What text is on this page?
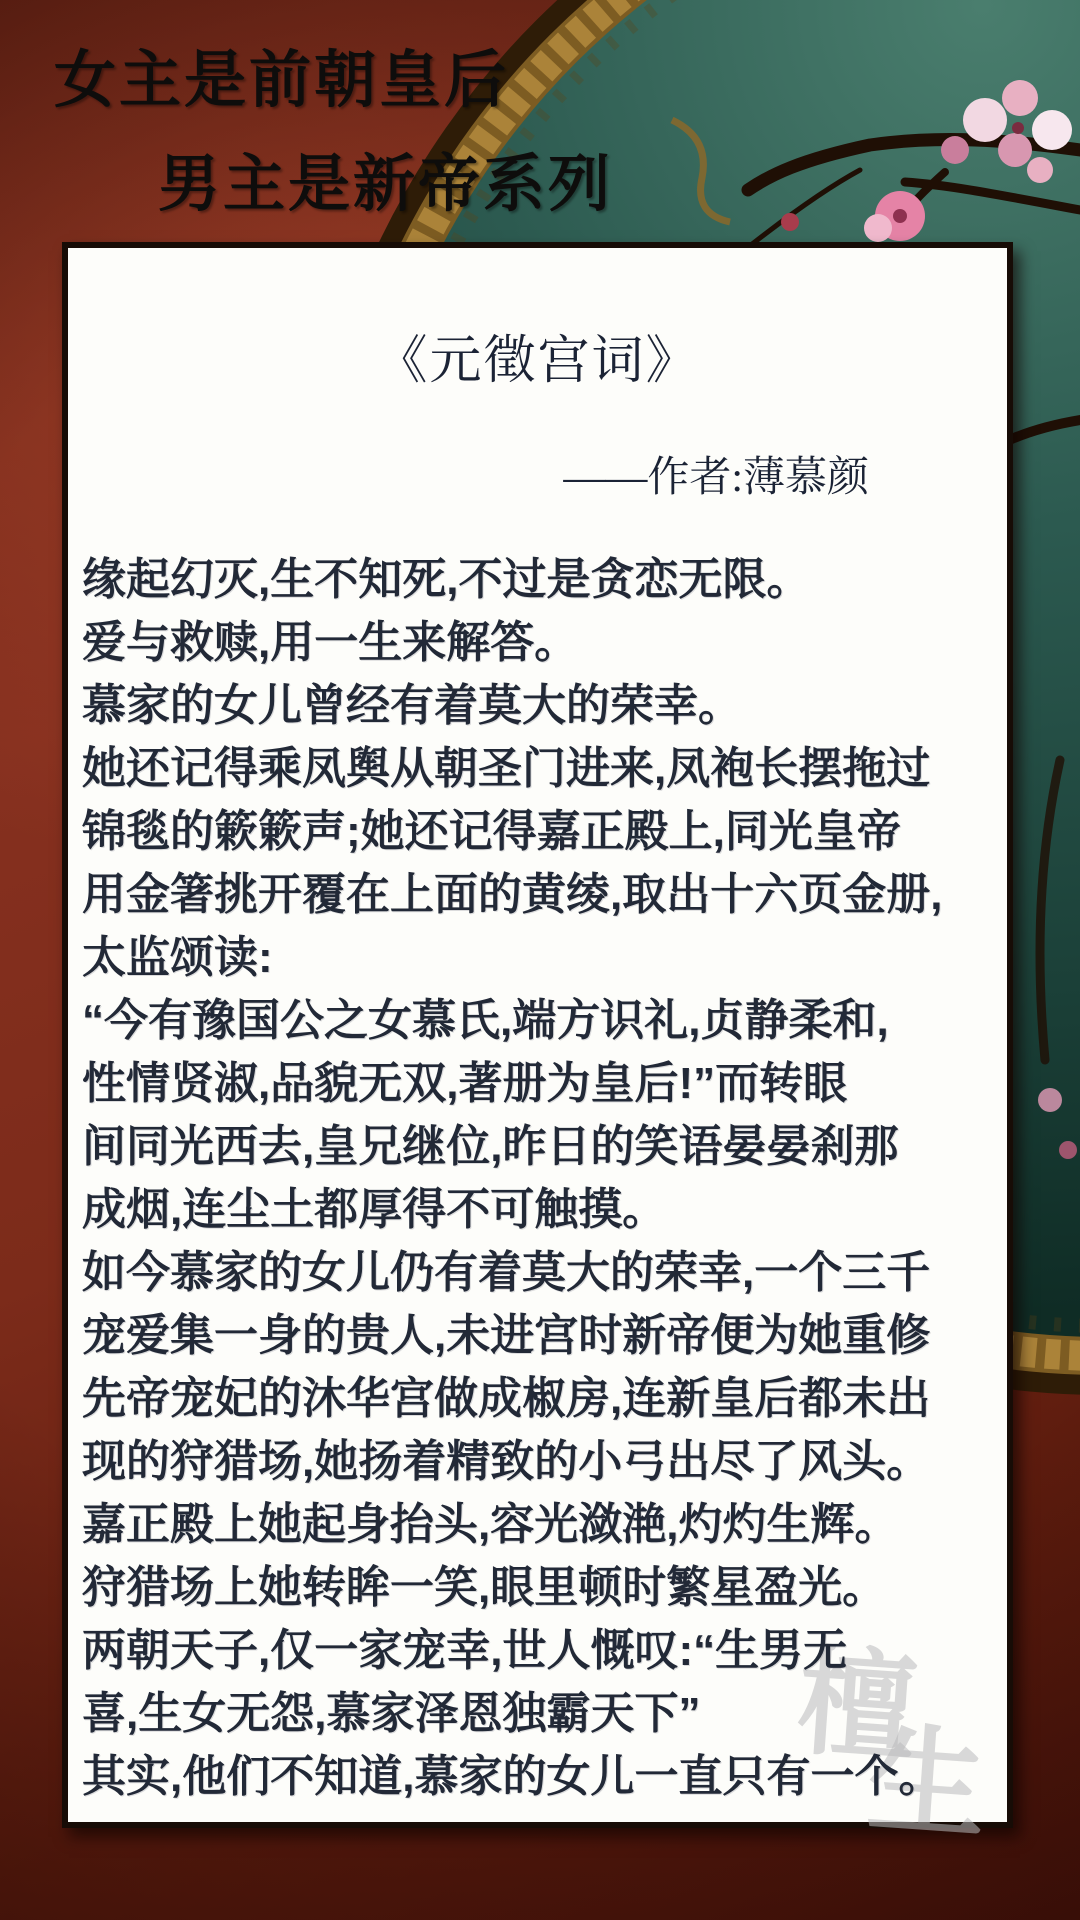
女主是前朝皇后
男主是新帝系列
《元徵宫词》
——作者:薄慕颜
檀
生
缘起幻灭,生不知死,不过是贪恋无限。
爱与救赎,用一生来解答。
慕家的女儿曾经有着莫大的荣幸。
她还记得乘凤舆从朝圣门进来,凤袍长摆拖过
锦毯的簌簌声;她还记得嘉正殿上,同光皇帝
用金箸挑开覆在上面的黄绫,取出十六页金册,
太监颂读:
“今有豫国公之女慕氏,端方识礼,贞静柔和,
性情贤淑,品貌无双,著册为皇后!”而转眼
间同光西去,皇兄继位,昨日的笑语晏晏刹那
成烟,连尘土都厚得不可触摸。
如今慕家的女儿仍有着莫大的荣幸,一个三千
宠爱集一身的贵人,未进宫时新帝便为她重修
先帝宠妃的沐华宫做成椒房,连新皇后都未出
现的狩猎场,她扬着精致的小弓出尽了风头。
嘉正殿上她起身抬头,容光潋滟,灼灼生辉。
狩猎场上她转眸一笑,眼里顿时繁星盈光。
两朝天子,仅一家宠幸,世人慨叹:“生男无
喜,生女无怨,慕家泽恩独霸天下”
其实,他们不知道,慕家的女儿一直只有一个。
